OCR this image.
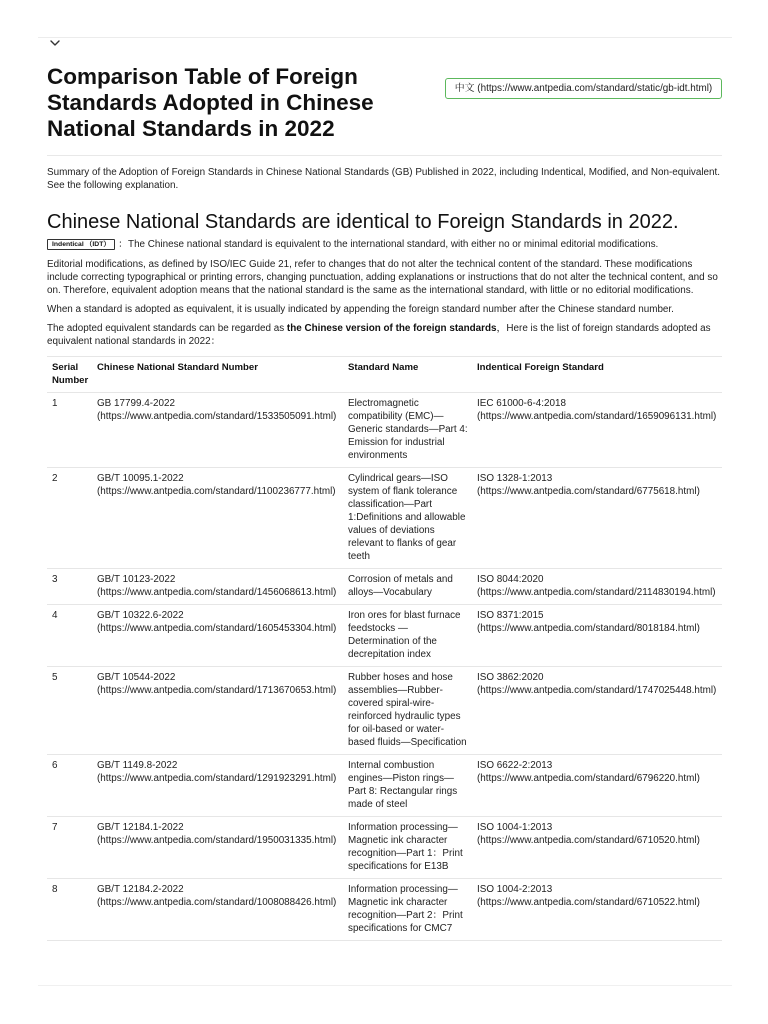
中文 (https://www.antpedia.com/standard/static/gb-idt.html)
Comparison Table of Foreign Standards Adopted in Chinese National Standards in 2022

Summary of the Adoption of Foreign Standards in Chinese National Standards (GB) Published in 2022, including Indentical, Modified, and Non-equivalent. See the following explanation.

Chinese National Standards are identical to Foreign Standards in 2022.
Indentical （IDT） ：The Chinese national standard is equivalent to the international standard, with either no or minimal editorial modifications.

Editorial modifications, as defined by ISO/IEC Guide 21, refer to changes that do not alter the technical content of the standard. These modifications include correcting typographical or printing errors, changing punctuation, adding explanations or instructions that do not alter the technical content, and so on. Therefore, equivalent adoption means that the national standard is the same as the international standard, with little or no editorial modifications.

When a standard is adopted as equivalent, it is usually indicated by appending the foreign standard number after the Chinese standard number.

The adopted equivalent standards can be regarded as the Chinese version of the foreign standards，Here is the list of foreign standards adopted as equivalent national standards in 2022：

Serial Number	Chinese National Standard Number	Standard Name	Indentical Foreign Standard
1	GB 17799.4-2022
(https://www.antpedia.com/standard/1533505091.html)	Electromagnetic compatibility (EMC)—Generic standards—Part 4: Emission for industrial environments	IEC 61000-6-4:2018
(https://www.antpedia.com/standard/1659096131.html)

2	GB/T 10095.1-2022
(https://www.antpedia.com/standard/1100236777.html)	Cylindrical gears—ISO system of flank tolerance classification—Part 1:Definitions and allowable values of deviations relevant to flanks of gear teeth	ISO 1328-1:2013
(https://www.antpedia.com/standard/6775618.html)

3	GB/T 10123-2022
(https://www.antpedia.com/standard/1456068613.html)	Corrosion of metals and alloys—Vocabulary	ISO 8044:2020
(https://www.antpedia.com/standard/2114830194.html)

4	GB/T 10322.6-2022
(https://www.antpedia.com/standard/1605453304.html)	Iron ores for blast furnace feedstocks —Determination of the decrepitation index	ISO 8371:2015
(https://www.antpedia.com/standard/8018184.html)

5	GB/T 10544-2022
(https://www.antpedia.com/standard/1713670653.html)	Rubber hoses and hose assemblies—Rubber-covered spiral-wire-reinforced hydraulic types for oil-based or water-based fluids—Specification	ISO 3862:2020
(https://www.antpedia.com/standard/1747025448.html)

6	GB/T 1149.8-2022
(https://www.antpedia.com/standard/1291923291.html)	Internal combustion engines—Piston rings—Part 8: Rectangular rings made of steel	ISO 6622-2:2013
(https://www.antpedia.com/standard/6796220.html)

7	GB/T 12184.1-2022
(https://www.antpedia.com/standard/1950031335.html)	Information processing—Magnetic ink character recognition—Part 1：Print specifications for E13B	ISO 1004-1:2013
(https://www.antpedia.com/standard/6710520.html)

8	GB/T 12184.2-2022
(https://www.antpedia.com/standard/1008088426.html)	Information processing—Magnetic ink character recognition—Part 2：Print specifications for CMC7	ISO 1004-2:2013
(https://www.antpedia.com/standard/6710522.html)
